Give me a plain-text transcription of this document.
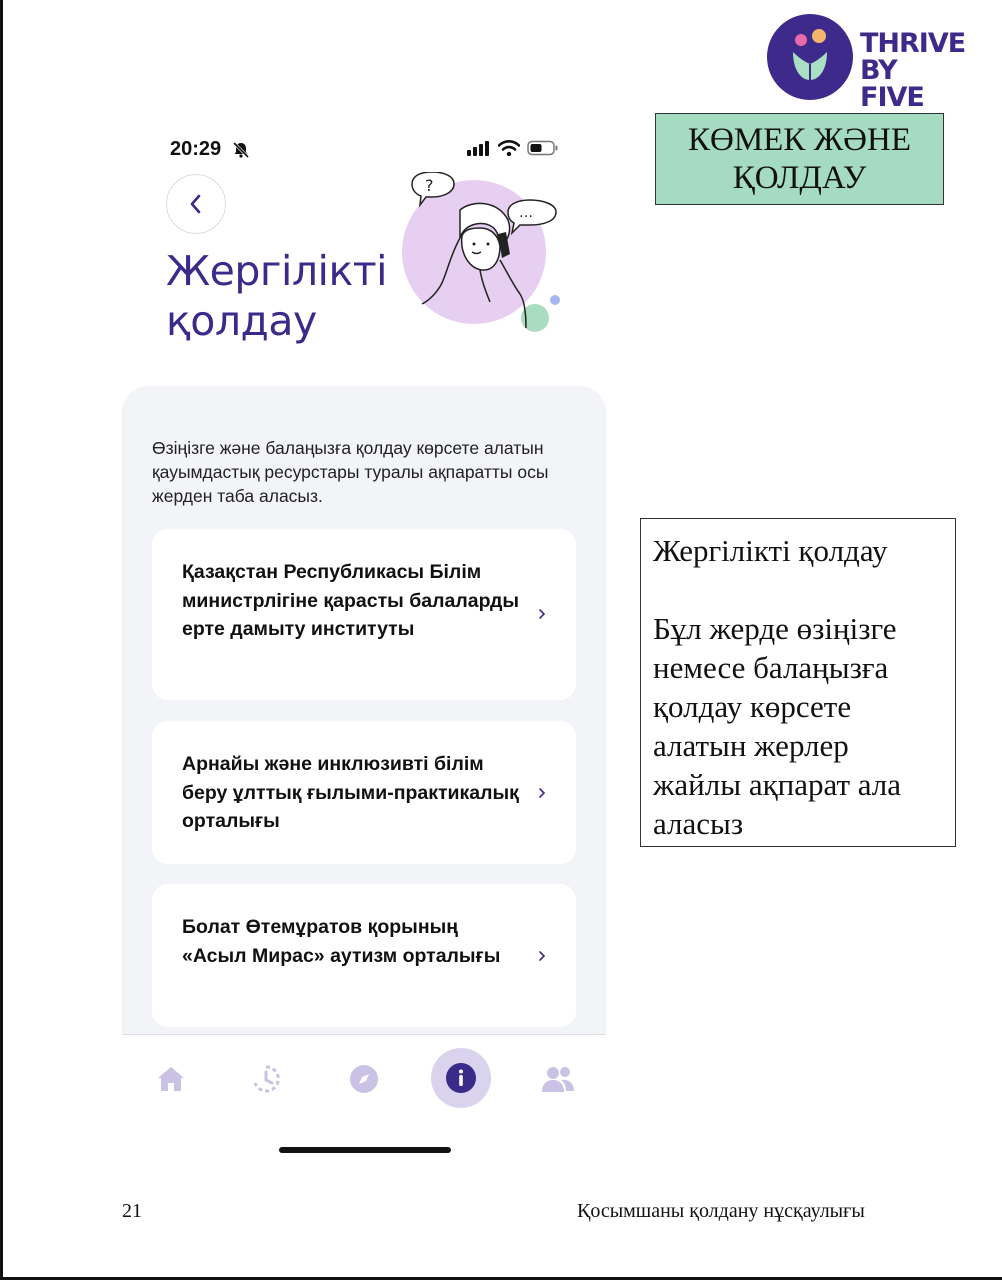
THRIVE
BY FIVE
КӨМЕК ЖӘНЕ
ҚОЛДАУ
20:29
Жергілікті
қолдау
?
…
Өзіңізге және балаңызға қолдау көрсете алатын қауымдастық ресурстары туралы ақпаратты осы жерден таба аласыз.
Қазақстан Республикасы Білім министрлігіне қарасты балаларды ерте дамыту институты
Арнайы және инклюзивті білім беру ұлттық ғылыми-практикалық орталығы
Болат Өтемұратов қорының «Асыл Мирас» аутизм орталығы
Жергілікті қолдау
Бұл жерде өзіңізге немесе балаңызға қолдау көрсете алатын жерлер жайлы ақпарат ала аласыз
21	Қосымшаны қолдану нұсқаулығы
